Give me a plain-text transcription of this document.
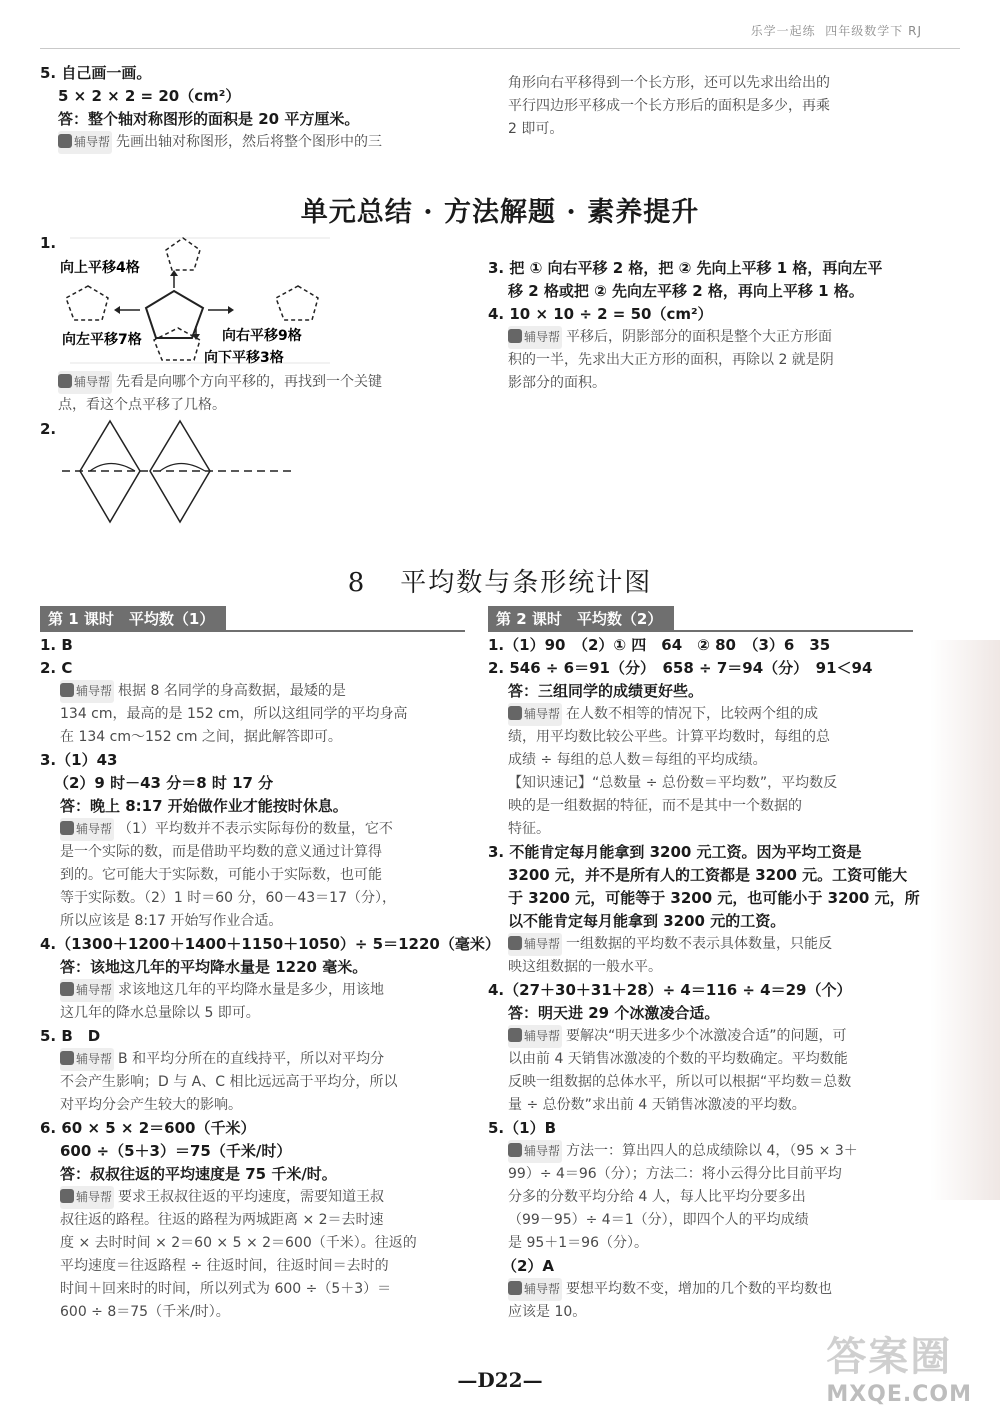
乐学一起练 四年级数学下 RJ
5. 自己画一画。
5 × 2 × 2 = 20（cm²）
答：整个轴对称图形的面积是 20 平方厘米。
辅导帮 先画出轴对称图形，然后将整个图形中的三
角形向右平移得到一个长方形，还可以先求出给出的
平行四边形平移成一个长方形后的面积是多少，再乘
2 即可。
单元总结 · 方法解题 · 素养提升
1.
向上平移4格
向左平移7格	向右平移9格
向下平移3格
辅导帮 先看是向哪个方向平移的，再找到一个关键
点，看这个点平移了几格。
2.
3. 把 ① 向右平移 2 格，把 ② 先向上平移 1 格，再向左平
移 2 格或把 ② 先向左平移 2 格，再向上平移 1 格。
4. 10 × 10 ÷ 2 = 50（cm²）
辅导帮 平移后，阴影部分的面积是整个大正方形面
积的一半，先求出大正方形的面积，再除以 2 就是阴
影部分的面积。
8 平均数与条形统计图
第 1 课时　平均数（1）
1. B
2. C
辅导帮 根据 8 名同学的身高数据，最矮的是
134 cm，最高的是 152 cm，所以这组同学的平均身高
在 134 cm～152 cm 之间，据此解答即可。
3.（1）43
（2）9 时－43 分＝8 时 17 分
答：晚上 8:17 开始做作业才能按时休息。
辅导帮 （1）平均数并不表示实际每份的数量，它不
是一个实际的数，而是借助平均数的意义通过计算得
到的。它可能大于实际数，可能小于实际数，也可能
等于实际数。（2）1 时＝60 分，60－43＝17（分），
所以应该是 8:17 开始写作业合适。
4.（1300＋1200＋1400＋1150＋1050）÷ 5＝1220（毫米）
答：该地这几年的平均降水量是 1220 毫米。
辅导帮 求该地这几年的平均降水量是多少，用该地
这几年的降水总量除以 5 即可。
5. B　D
辅导帮 B 和平均分所在的直线持平，所以对平均分
不会产生影响；D 与 A、C 相比远远高于平均分，所以
对平均分会产生较大的影响。
6. 60 × 5 × 2＝600（千米）
600 ÷（5＋3）＝75（千米/时）
答：叔叔往返的平均速度是 75 千米/时。
辅导帮 要求王叔叔往返的平均速度，需要知道王叔
叔往返的路程。往返的路程为两城距离 × 2＝去时速
度 × 去时时间 × 2＝60 × 5 × 2＝600（千米）。往返的
平均速度＝往返路程 ÷ 往返时间，往返时间＝去时的
时间＋回来时的时间，所以列式为 600 ÷（5＋3）＝
600 ÷ 8＝75（千米/时）。
第 2 课时　平均数（2）
1.（1）90　（2）① 四　64　② 80　（3）6　35
2. 546 ÷ 6＝91（分）　658 ÷ 7＝94（分）　91＜94
答：三组同学的成绩更好些。
辅导帮 在人数不相等的情况下，比较两个组的成
绩，用平均数比较公平些。计算平均数时，每组的总
成绩 ÷ 每组的总人数＝每组的平均成绩。
【知识速记】“总数量 ÷ 总份数＝平均数”，平均数反
映的是一组数据的特征，而不是其中一个数据的
特征。
3. 不能肯定每月能拿到 3200 元工资。因为平均工资是
3200 元，并不是所有人的工资都是 3200 元。工资可能大
于 3200 元，可能等于 3200 元，也可能小于 3200 元，所
以不能肯定每月能拿到 3200 元的工资。
辅导帮 一组数据的平均数不表示具体数量，只能反
映这组数据的一般水平。
4.（27＋30＋31＋28）÷ 4＝116 ÷ 4＝29（个）
答：明天进 29 个冰激凌合适。
辅导帮 要解决“明天进多少个冰激凌合适”的问题，可
以由前 4 天销售冰激凌的个数的平均数确定。平均数能
反映一组数据的总体水平，所以可以根据“平均数＝总数
量 ÷ 总份数”求出前 4 天销售冰激凌的平均数。
5.（1）B
辅导帮 方法一：算出四人的总成绩除以 4，（95 × 3＋
99）÷ 4＝96（分）；方法二：将小云得分比目前平均
分多的分数平均分给 4 人，每人比平均分要多出
（99－95）÷ 4＝1（分），即四个人的平均成绩
是 95＋1＝96（分）。
（2）A
辅导帮 要想平均数不变，增加的几个数的平均数也
应该是 10。
—D22—	答案圈
MXQE.COM
